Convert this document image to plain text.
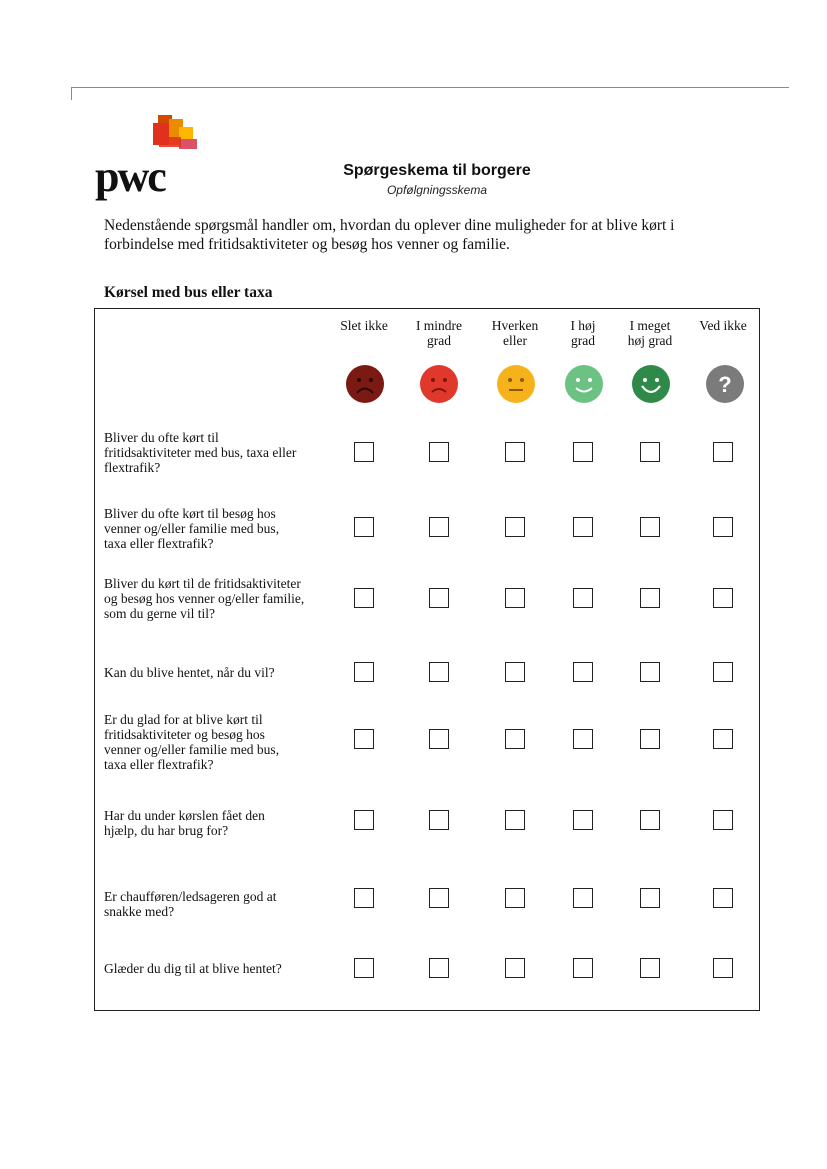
pwc	Spørgeskema til borgere
Opfølgningsskema
Nedenstående spørgsmål handler om, hvordan du oplever dine muligheder for at blive kørt i forbindelse med fritidsaktiviteter og besøg hos venner og familie.
Kørsel med bus eller taxa
Slet ikke	I mindre
grad
Hverken
eller
I høj
grad
I meget
høj grad
Ved ikke
?
Bliver du ofte kørt til
fritidsaktiviteter med bus, taxa eller
flextrafik?
Bliver du ofte kørt til besøg hos
venner og/eller familie med bus,
taxa eller flextrafik?
Bliver du kørt til de fritidsaktiviteter
og besøg hos venner og/eller familie,
som du gerne vil til?
Kan du blive hentet, når du vil?
Er du glad for at blive kørt til
fritidsaktiviteter og besøg hos
venner og/eller familie med bus,
taxa eller flextrafik?
Har du under kørslen fået den
hjælp, du har brug for?
Er chaufføren/ledsageren god at
snakke med?
Glæder du dig til at blive hentet?
